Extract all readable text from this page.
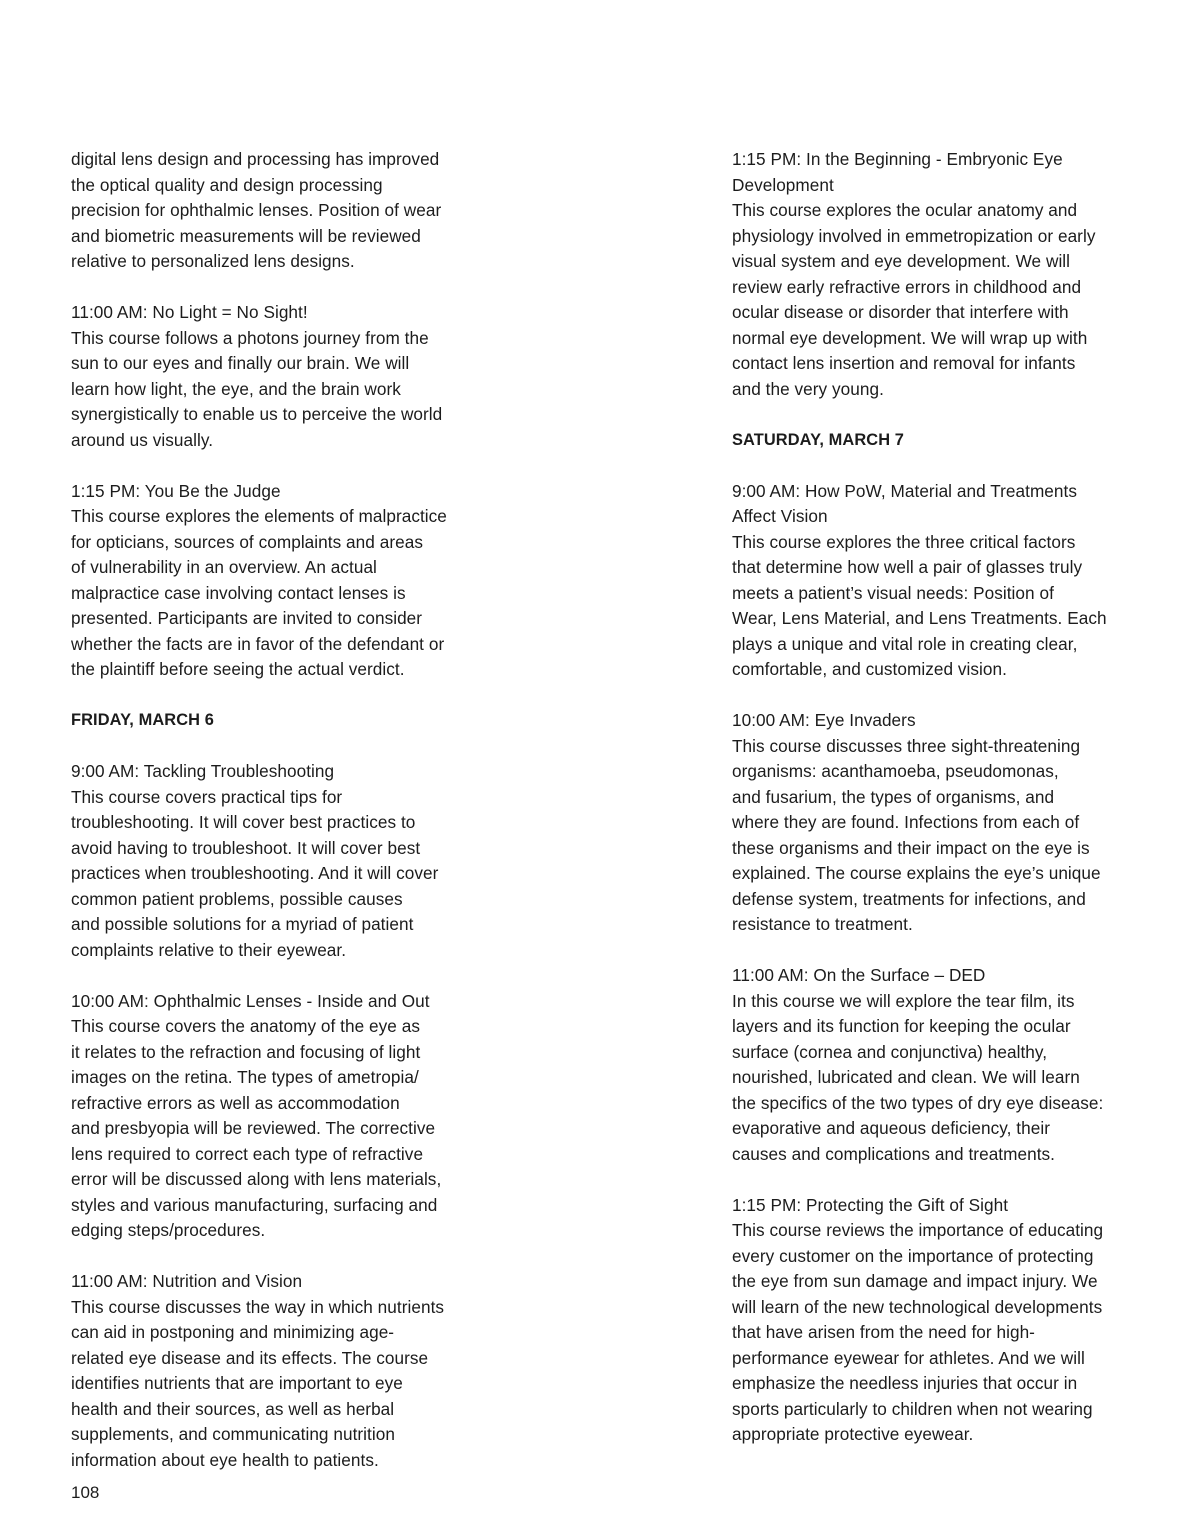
digital lens design and processing has improved
the optical quality and design processing
precision for ophthalmic lenses. Position of wear
and biometric measurements will be reviewed
relative to personalized lens designs.
11:00 AM: No Light = No Sight!
This course follows a photons journey from the
sun to our eyes and finally our brain. We will
learn how light, the eye, and the brain work
synergistically to enable us to perceive the world
around us visually.
1:15 PM: You Be the Judge
This course explores the elements of malpractice
for opticians, sources of complaints and areas
of vulnerability in an overview. An actual
malpractice case involving contact lenses is
presented. Participants are invited to consider
whether the facts are in favor of the defendant or
the plaintiff before seeing the actual verdict.
FRIDAY, MARCH 6
9:00 AM: Tackling Troubleshooting
This course covers practical tips for
troubleshooting. It will cover best practices to
avoid having to troubleshoot. It will cover best
practices when troubleshooting. And it will cover
common patient problems, possible causes
and possible solutions for a myriad of patient
complaints relative to their eyewear.
10:00 AM: Ophthalmic Lenses - Inside and Out
This course covers the anatomy of the eye as
it relates to the refraction and focusing of light
images on the retina. The types of ametropia/
refractive errors as well as accommodation
and presbyopia will be reviewed. The corrective
lens required to correct each type of refractive
error will be discussed along with lens materials,
styles and various manufacturing, surfacing and
edging steps/procedures.
11:00 AM: Nutrition and Vision
This course discusses the way in which nutrients
can aid in postponing and minimizing age-
related eye disease and its effects. The course
identifies nutrients that are important to eye
health and their sources, as well as herbal
supplements, and communicating nutrition
information about eye health to patients.
1:15 PM: In the Beginning - Embryonic Eye
Development
This course explores the ocular anatomy and
physiology involved in emmetropization or early
visual system and eye development. We will
review early refractive errors in childhood and
ocular disease or disorder that interfere with
normal eye development. We will wrap up with
contact lens insertion and removal for infants
and the very young.
SATURDAY, MARCH 7
9:00 AM: How PoW, Material and Treatments
Affect Vision
This course explores the three critical factors
that determine how well a pair of glasses truly
meets a patient’s visual needs: Position of
Wear, Lens Material, and Lens Treatments. Each
plays a unique and vital role in creating clear,
comfortable, and customized vision.
10:00 AM: Eye Invaders
This course discusses three sight-threatening
organisms: acanthamoeba, pseudomonas,
and fusarium, the types of organisms, and
where they are found. Infections from each of
these organisms and their impact on the eye is
explained. The course explains the eye’s unique
defense system, treatments for infections, and
resistance to treatment.
11:00 AM: On the Surface – DED
In this course we will explore the tear film, its
layers and its function for keeping the ocular
surface (cornea and conjunctiva) healthy,
nourished, lubricated and clean. We will learn
the specifics of the two types of dry eye disease:
evaporative and aqueous deficiency, their
causes and complications and treatments.
1:15 PM: Protecting the Gift of Sight
This course reviews the importance of educating
every customer on the importance of protecting
the eye from sun damage and impact injury. We
will learn of the new technological developments
that have arisen from the need for high-
performance eyewear for athletes. And we will
emphasize the needless injuries that occur in
sports particularly to children when not wearing
appropriate protective eyewear.
108
